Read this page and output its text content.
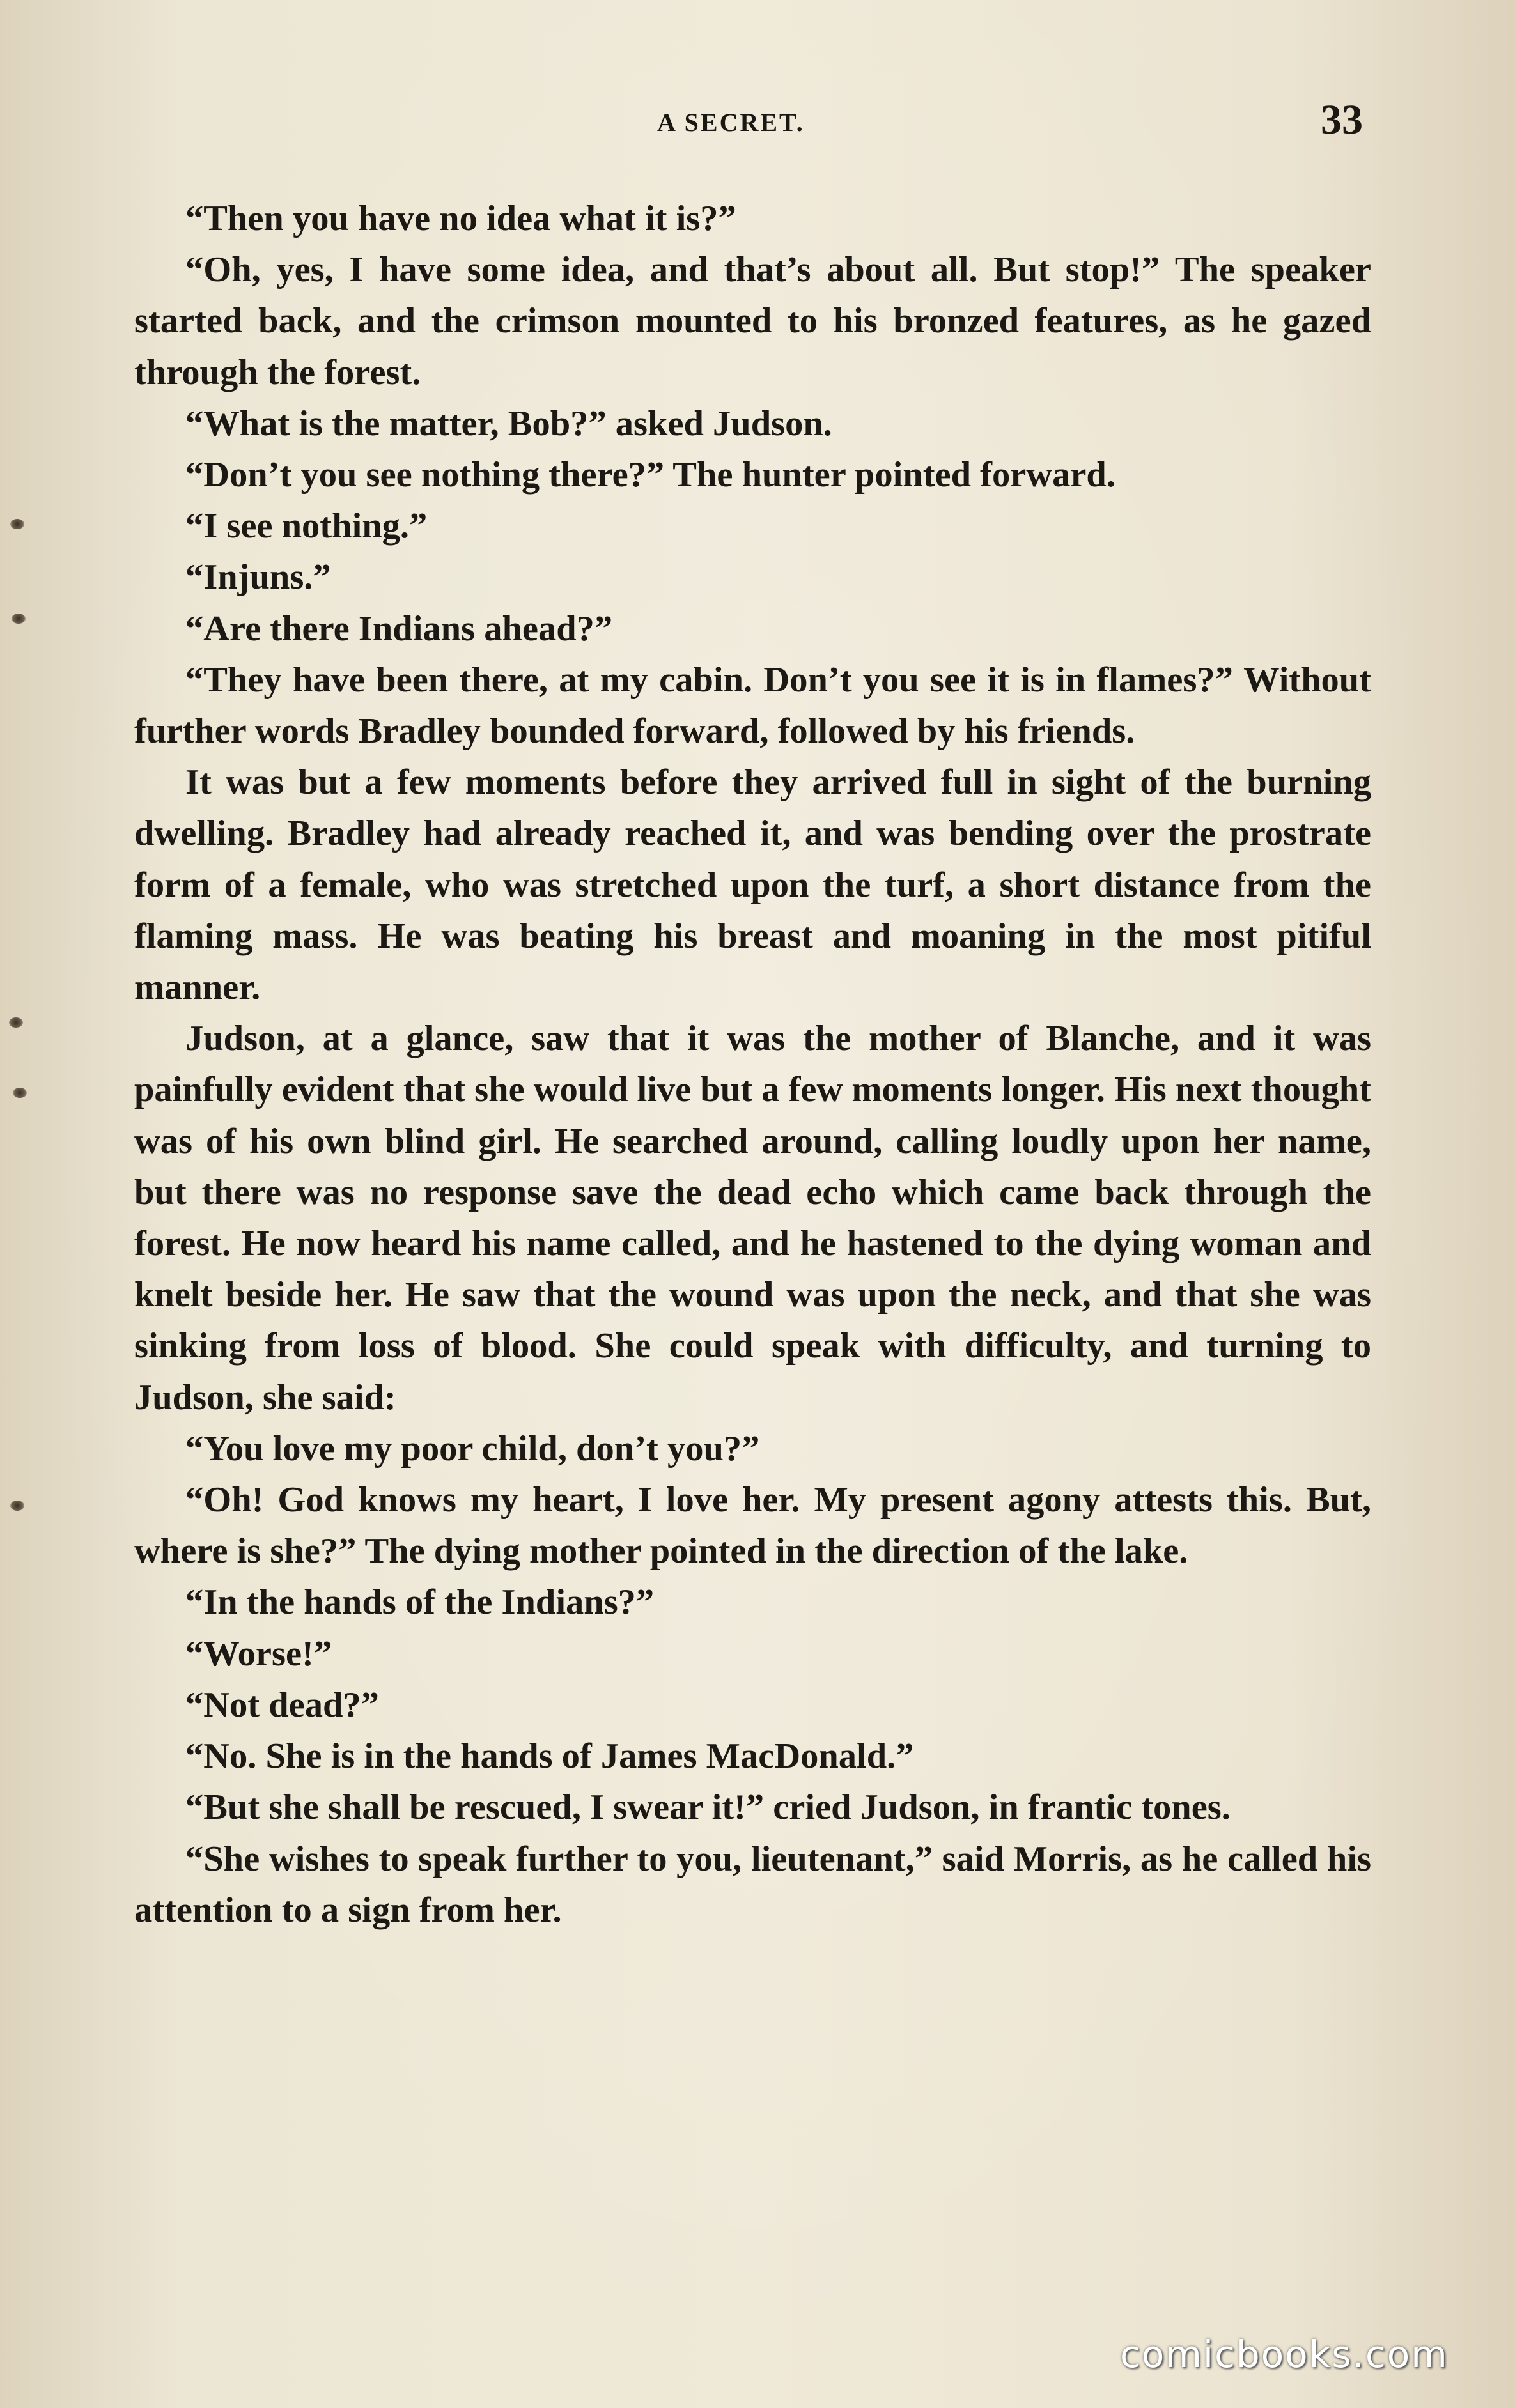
A SECRET.	33

“Then you have no idea what it is?”

“Oh, yes, I have some idea, and that’s about all. But stop!” The speaker started back, and the crimson mounted to his bronzed features, as he gazed through the forest.

“What is the matter, Bob?” asked Judson.

“Don’t you see nothing there?” The hunter pointed forward.

“I see nothing.”

“Injuns.”

“Are there Indians ahead?”

“They have been there, at my cabin. Don’t you see it is in flames?” Without further words Bradley bounded forward, followed by his friends.

It was but a few moments before they arrived full in sight of the burning dwelling. Bradley had already reached it, and was bending over the prostrate form of a female, who was stretched upon the turf, a short distance from the flaming mass. He was beating his breast and moaning in the most pitiful manner.

Judson, at a glance, saw that it was the mother of Blanche, and it was painfully evident that she would live but a few moments longer. His next thought was of his own blind girl. He searched around, calling loudly upon her name, but there was no response save the dead echo which came back through the forest. He now heard his name called, and he hastened to the dying woman and knelt beside her. He saw that the wound was upon the neck, and that she was sinking from loss of blood. She could speak with difficulty, and turning to Judson, she said:

“You love my poor child, don’t you?”

“Oh! God knows my heart, I love her. My present agony attests this. But, where is she?” The dying mother pointed in the direction of the lake.

“In the hands of the Indians?”

“Worse!”

“Not dead?”

“No. She is in the hands of James MacDonald.”

“But she shall be rescued, I swear it!” cried Judson, in frantic tones.

“She wishes to speak further to you, lieutenant,” said Morris, as he called his attention to a sign from her.

comicbooks.com
